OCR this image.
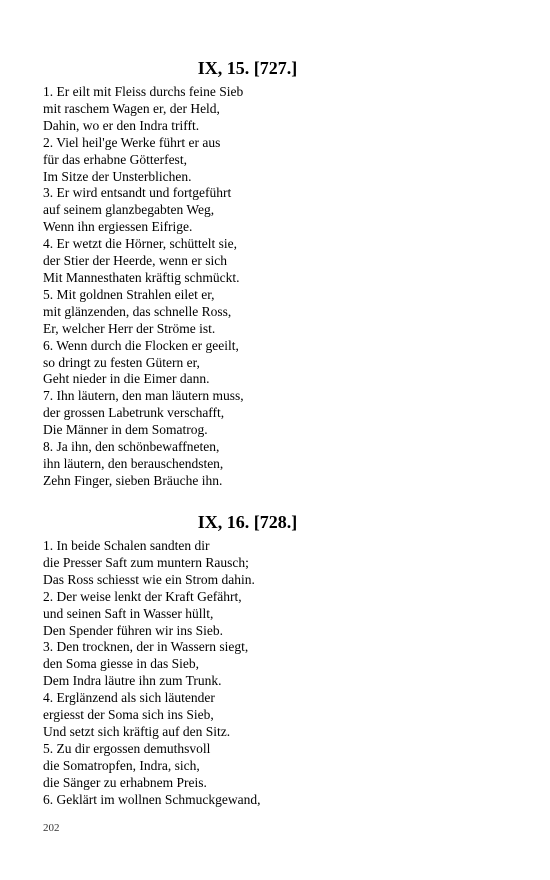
IX, 15. [727.]
1. Er eilt mit Fleiss durchs feine Sieb
mit raschem Wagen er, der Held,
Dahin, wo er den Indra trifft.
2. Viel heil'ge Werke führt er aus
für das erhabne Götterfest,
Im Sitze der Unsterblichen.
3. Er wird entsandt und fortgeführt
auf seinem glanzbegabten Weg,
Wenn ihn ergiessen Eifrige.
4. Er wetzt die Hörner, schüttelt sie,
der Stier der Heerde, wenn er sich
Mit Mannesthaten kräftig schmückt.
5. Mit goldnen Strahlen eilet er,
mit glänzenden, das schnelle Ross,
Er, welcher Herr der Ströme ist.
6. Wenn durch die Flocken er geeilt,
so dringt zu festen Gütern er,
Geht nieder in die Eimer dann.
7. Ihn läutern, den man läutern muss,
der grossen Labetrunk verschafft,
Die Männer in dem Somatrog.
8. Ja ihn, den schönbewaffneten,
ihn läutern, den berauschendsten,
Zehn Finger, sieben Bräuche ihn.
IX, 16. [728.]
1. In beide Schalen sandten dir
die Presser Saft zum muntern Rausch;
Das Ross schiesst wie ein Strom dahin.
2. Der weise lenkt der Kraft Gefährt,
und seinen Saft in Wasser hüllt,
Den Spender führen wir ins Sieb.
3. Den trocknen, der in Wassern siegt,
den Soma giesse in das Sieb,
Dem Indra läutre ihn zum Trunk.
4. Erglänzend als sich läutender
ergiesst der Soma sich ins Sieb,
Und setzt sich kräftig auf den Sitz.
5. Zu dir ergossen demuthsvoll
die Somatropfen, Indra, sich,
die Sänger zu erhabnem Preis.
6. Geklärt im wollnen Schmuckgewand,
202
